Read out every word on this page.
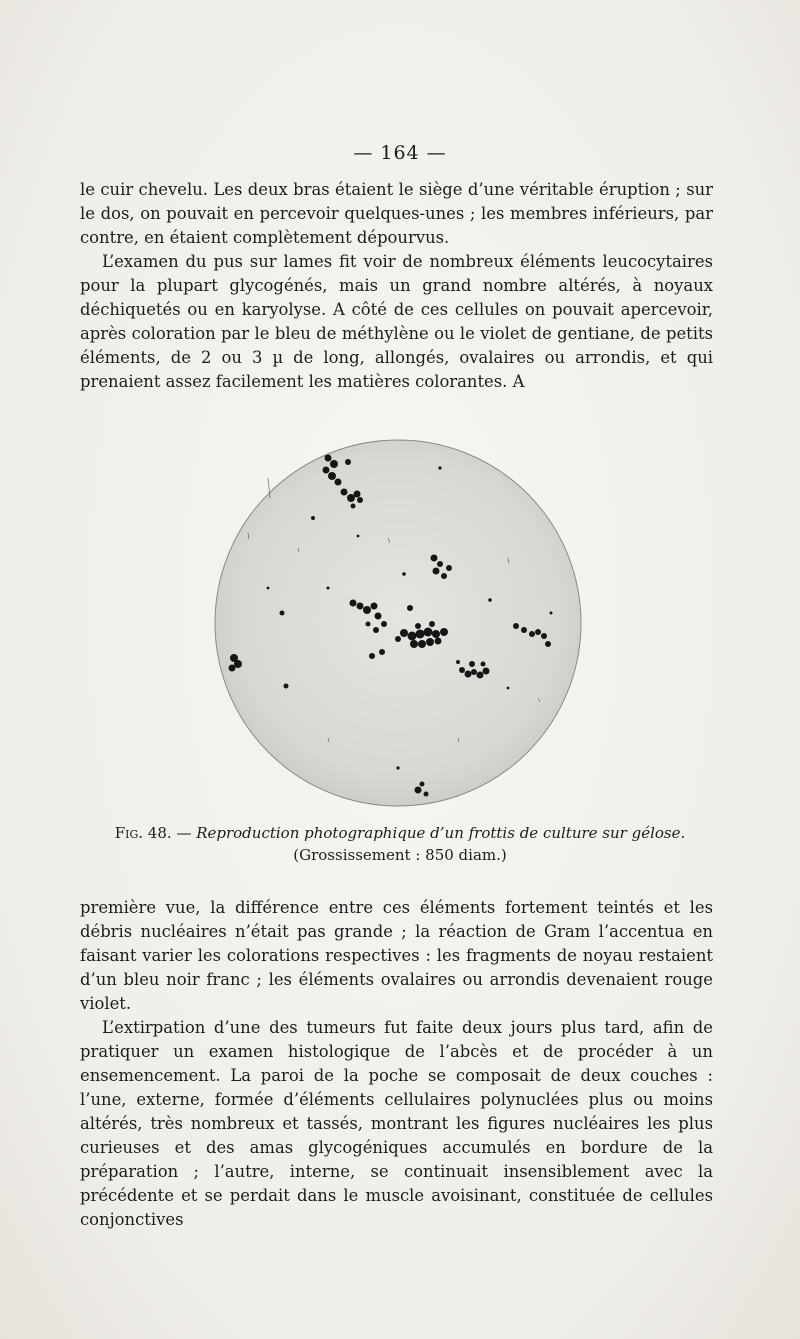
— 164 —

le cuir chevelu. Les deux bras étaient le siège d’une véritable éruption ; sur le dos, on pouvait en percevoir quelques-unes ; les membres inférieurs, par contre, en étaient complètement dépourvus.

L’examen du pus sur lames fit voir de nombreux éléments leucocytaires pour la plupart glycogénés, mais un grand nombre altérés, à noyaux déchiquetés ou en karyolyse. A côté de ces cellules on pouvait apercevoir, après coloration par le bleu de méthylène ou le violet de gentiane, de petits éléments, de 2 ou 3 µ de long, allongés, ovalaires ou arrondis, et qui prenaient assez facilement les matières colorantes. A

Fig. 48. — Reproduction photographique d’un frottis de culture sur gélose.
(Grossissement : 850 diam.)

première vue, la différence entre ces éléments fortement teintés et les débris nucléaires n’était pas grande ; la réaction de Gram l’accentua en faisant varier les colorations respectives : les fragments de noyau restaient d’un bleu noir franc ; les éléments ovalaires ou arrondis devenaient rouge violet.

L’extirpation d’une des tumeurs fut faite deux jours plus tard, afin de pratiquer un examen histologique de l’abcès et de procéder à un ensemencement. La paroi de la poche se composait de deux couches : l’une, externe, formée d’éléments cellulaires polynuclées plus ou moins altérés, très nombreux et tassés, montrant les figures nucléaires les plus curieuses et des amas glycogéniques accumulés en bordure de la préparation ; l’autre, interne, se continuait insensiblement avec la précédente et se perdait dans le muscle avoisinant, constituée de cellules conjonctives
